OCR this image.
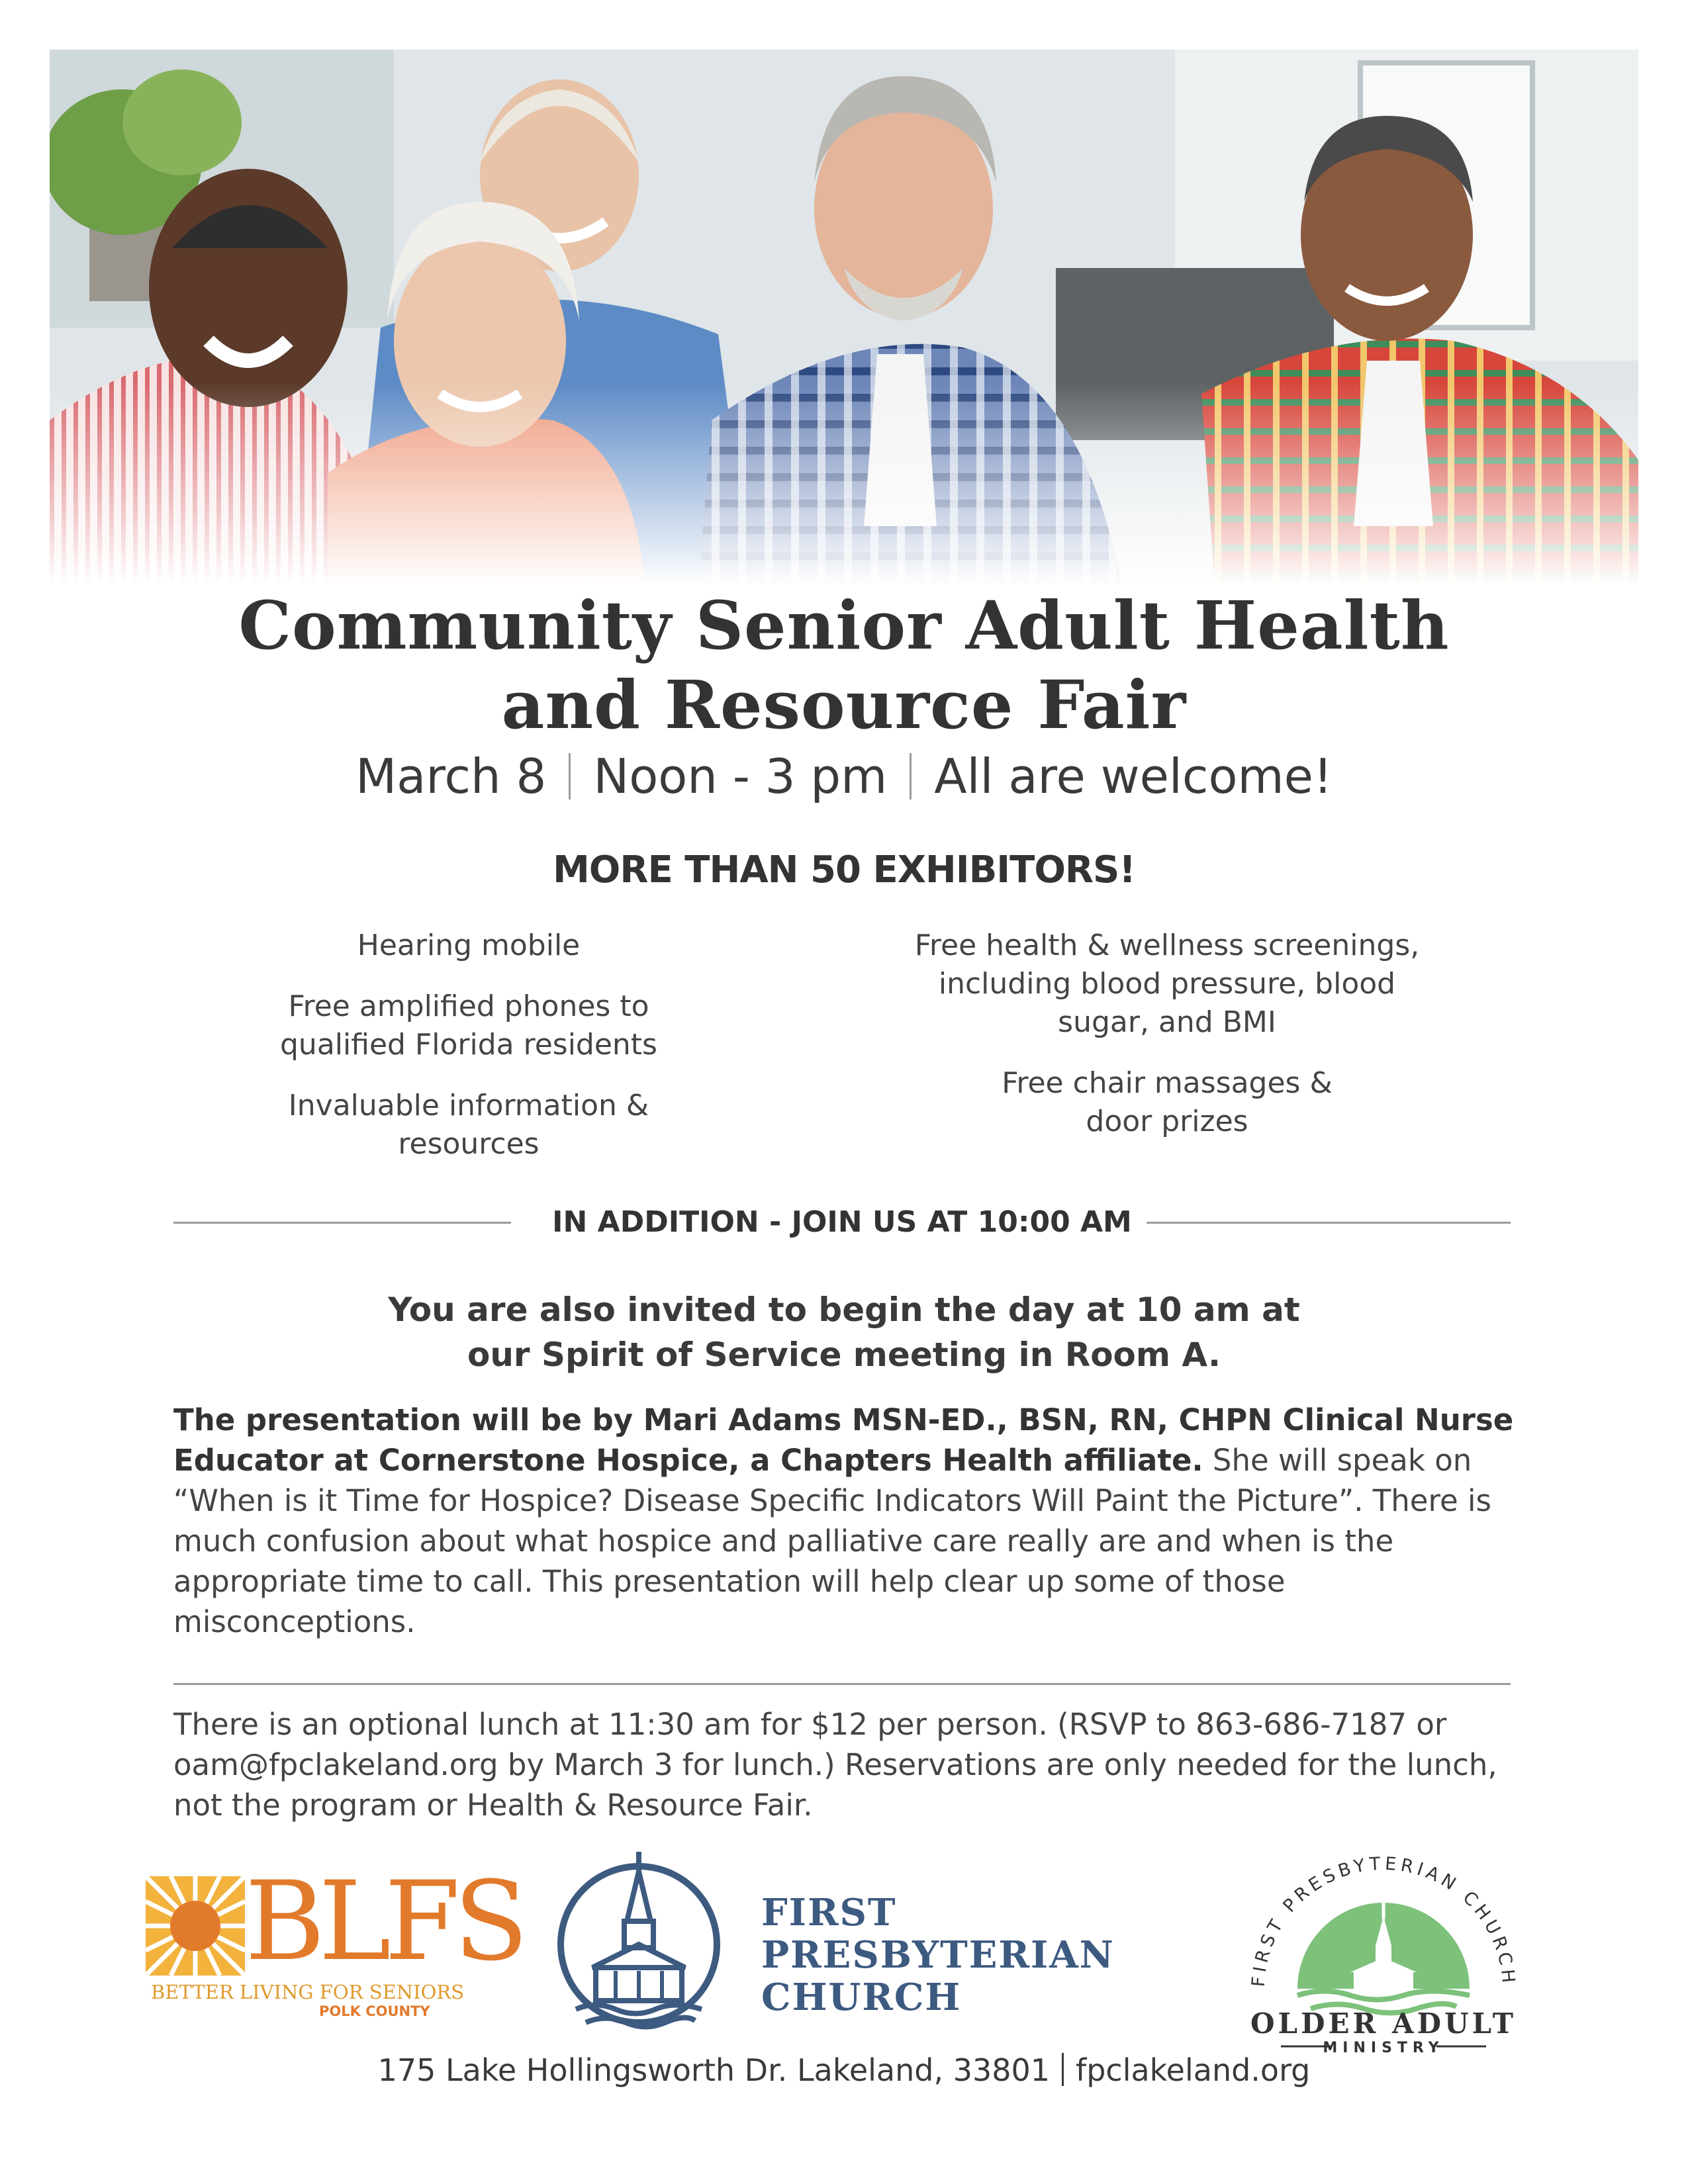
Community Senior Adult Health
and Resource Fair
March 8 Noon - 3 pm All are welcome!
MORE THAN 50 EXHIBITORS!

Hearing mobile

Free amplified phones to qualified Florida residents

Invaluable information & resources

Free health & wellness screenings, including blood pressure, blood sugar, and BMI

Free chair massages & door prizes

IN ADDITION - JOIN US AT 10:00 AM
You are also invited to begin the day at 10 am at our Spirit of Service meeting in Room A.

The presentation will be by Mari Adams MSN-ED., BSN, RN, CHPN Clinical Nurse Educator at Cornerstone Hospice, a Chapters Health affiliate. She will speak on “When is it Time for Hospice? Disease Specific Indicators Will Paint the Picture”. There is much confusion about what hospice and palliative care really are and when is the appropriate time to call. This presentation will help clear up some of those misconceptions.

There is an optional lunch at 11:30 am for $12 per person. (RSVP to 863-686-7187 or oam@fpclakeland.org by March 3 for lunch.) Reservations are only needed for the lunch, not the program or Health & Resource Fair.

BLFS
BETTER LIVING FOR SENIORS
POLK COUNTY
FIRST
PRESBYTERIAN
CHURCH	FIRST PRESBYTERIAN CHURCH
OLDER ADULT
MINISTRY
175 Lake Hollingsworth Dr. Lakeland, 33801 fpclakeland.org
